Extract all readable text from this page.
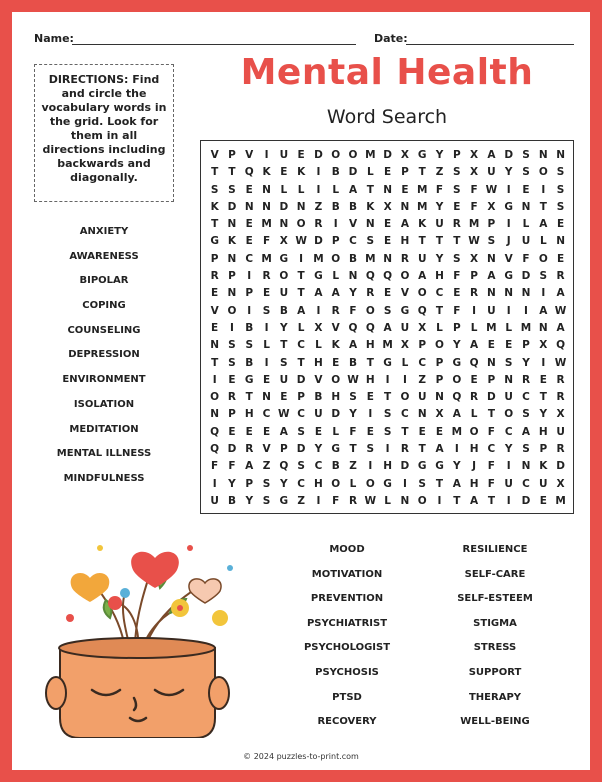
Name:	Date:
DIRECTIONS: Find and circle the vocabulary words in the grid. Look for them in all directions including backwards and diagonally.
Mental Health
Word Search
V P V	I	U E D O O M D X G Y P X A D S N N
T T Q K E K	I	B D L E P T Z S X U Y S O S
S S E N L	L	I	L A T N E M F S F W I	E	I	S
K D N N D N Z B B K X N M Y E F X G N T S
T N E M N O R	I	V N E A K U R M P	I	L A E
G K E F X W D P C S E H T T T W S	J	U L N
P N C M G	I M O B M N R U Y S X N V F O E
R P	I	R O T G L N Q Q O A H F P A G D S R
E N P E U T A A Y R E V O C E R N N N	I	A
V O	I	S B A	I	R F O S G Q T F	I	U	I	I	A W
E	I	B	I	Y L X V Q Q A U X L P L M L M N A
N S S L T C L K A H M X P O Y A E E P X Q
T S B	I	S T H E B T G L C P G Q N S Y	I W
I	E G E U D V O W H	I	I	Z P O E P N R E R
O R T N E P B H S E T O U N Q R D U C T R
N P H C W C U D Y	I	S C N X A L T O S Y X
Q E E E A S E L F E S T E E M O F C A H U
Q D R V P D Y G T S	I	R T A	I	H C Y S P R
F F A Z Q S C B Z	I	H D G G Y	J	F	I	N K D
I	Y P S Y C H O L O G	I	S T A H F U C U X
U B Y S G Z	I	F R W L N O	I	T A T	I	D E M
ANXIETY
AWARENESS
BIPOLAR
COPING
COUNSELING
DEPRESSION
ENVIRONMENT
ISOLATION
MEDITATION
MENTAL ILLNESS
MINDFULNESS
MOOD
MOTIVATION
PREVENTION
PSYCHIATRIST
PSYCHOLOGIST
PSYCHOSIS
PTSD
RECOVERY
RESILIENCE
SELF-CARE
SELF-ESTEEM
STIGMA
STRESS
SUPPORT
THERAPY
WELL-BEING
© 2024 puzzles-to-print.com
